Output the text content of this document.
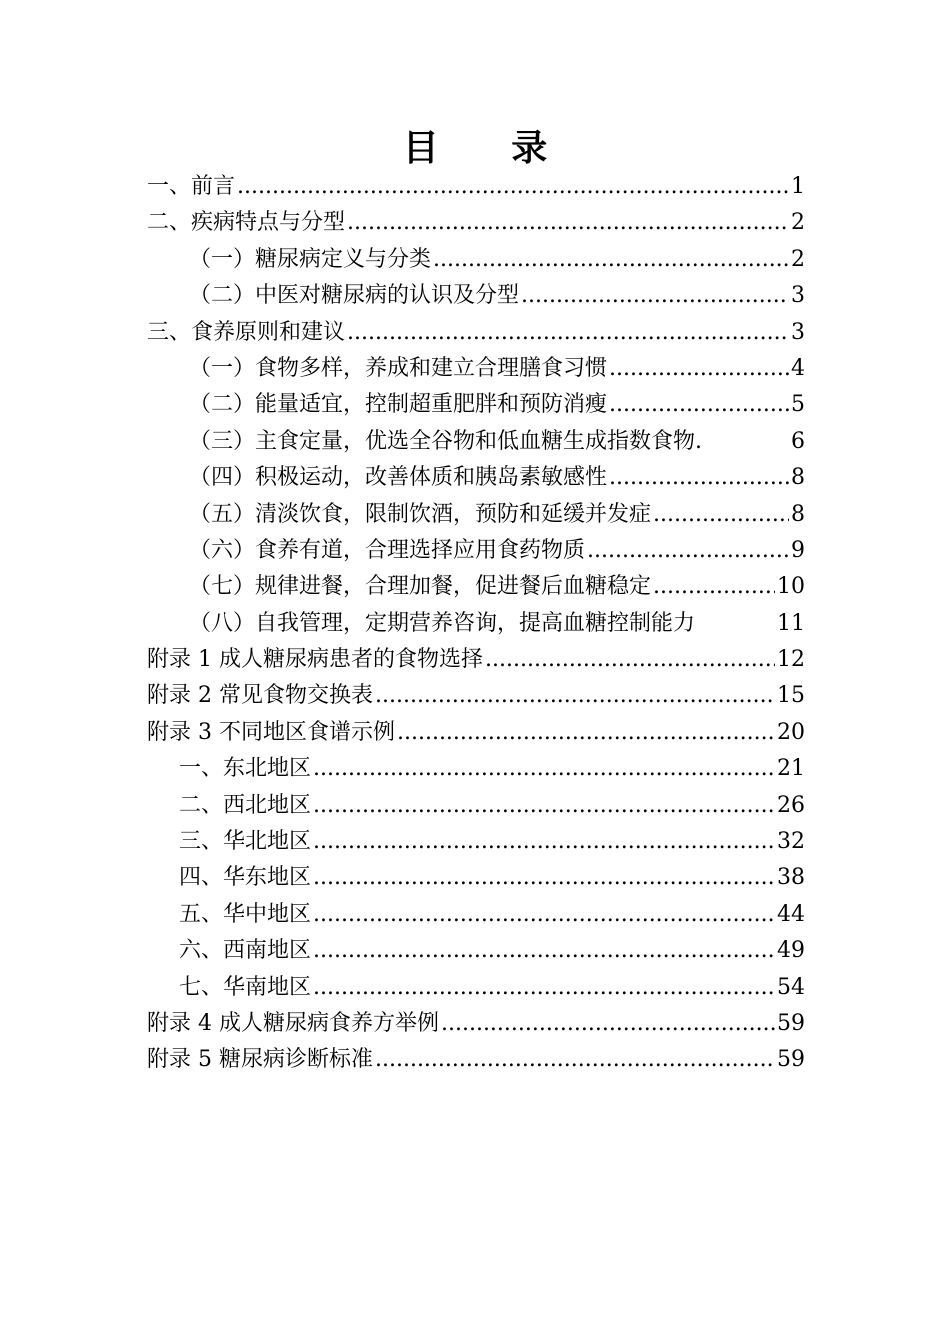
目 录
一、前言 .....	1
二、疾病特点与分型 .....	2
（一）糖尿病定义与分类 .....	2
（二）中医对糖尿病的认识及分型 .....	3
三、食养原则和建议 .....	3
（一）食物多样，养成和建立合理膳食习惯 .....	4
（二）能量适宜，控制超重肥胖和预防消瘦 .....	5
（三）主食定量，优选全谷物和低血糖生成指数食物.	6
（四）积极运动，改善体质和胰岛素敏感性 .....	8
（五）清淡饮食，限制饮酒，预防和延缓并发症 .....	8
（六）食养有道，合理选择应用食药物质 .....	9
（七）规律进餐，合理加餐，促进餐后血糖稳定 .....	10
（八）自我管理，定期营养咨询，提高血糖控制能力	11
附录 1 成人糖尿病患者的食物选择 .....	12
附录 2 常见食物交换表 .....	15
附录 3 不同地区食谱示例 .....	20
一、东北地区 .....	21
二、西北地区 .....	26
三、华北地区 .....	32
四、华东地区 .....	38
五、华中地区 .....	44
六、西南地区 .....	49
七、华南地区 .....	54
附录 4 成人糖尿病食养方举例 .....	59
附录 5 糖尿病诊断标准 .....	59
